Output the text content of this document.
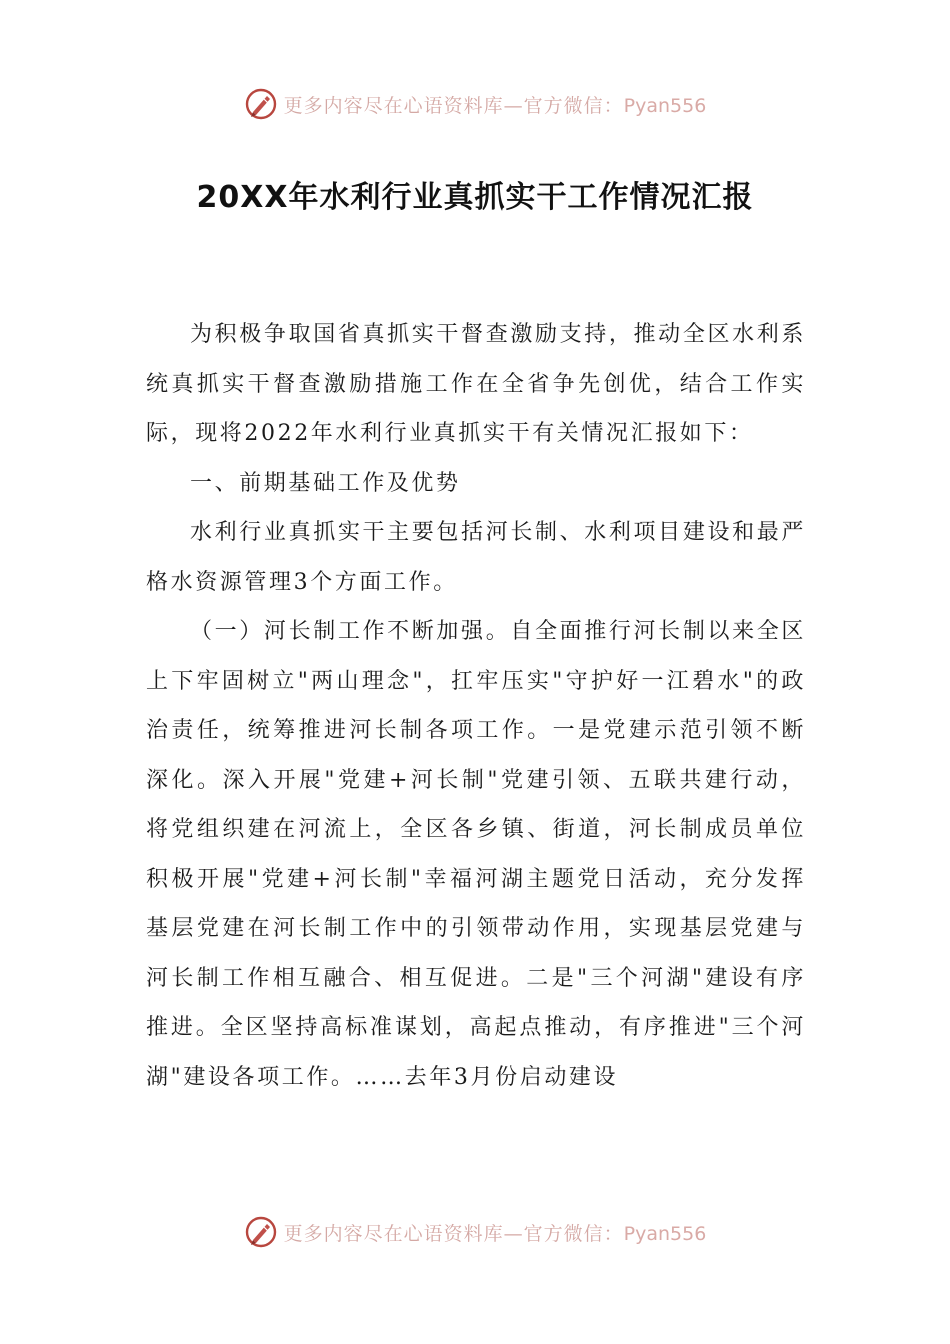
更多内容尽在心语资料库—官方微信：Pyan556
20XX年水利行业真抓实干工作情况汇报

为积极争取国省真抓实干督查激励支持，推动全区水利系统真抓实干督查激励措施工作在全省争先创优，结合工作实际，现将2022年水利行业真抓实干有关情况汇报如下：

一、前期基础工作及优势

水利行业真抓实干主要包括河长制、水利项目建设和最严格水资源管理3个方面工作。

（一）河长制工作不断加强。自全面推行河长制以来全区上下牢固树立"两山理念"，扛牢压实"守护好一江碧水"的政治责任，统筹推进河长制各项工作。一是党建示范引领不断深化。深入开展"党建+河长制"党建引领、五联共建行动，将党组织建在河流上，全区各乡镇、街道，河长制成员单位积极开展"党建+河长制"幸福河湖主题党日活动，充分发挥基层党建在河长制工作中的引领带动作用，实现基层党建与河长制工作相互融合、相互促进。二是"三个河湖"建设有序推进。全区坚持高标准谋划，高起点推动，有序推进"三个河湖"建设各项工作。……去年3月份启动建设

更多内容尽在心语资料库—官方微信：Pyan556
